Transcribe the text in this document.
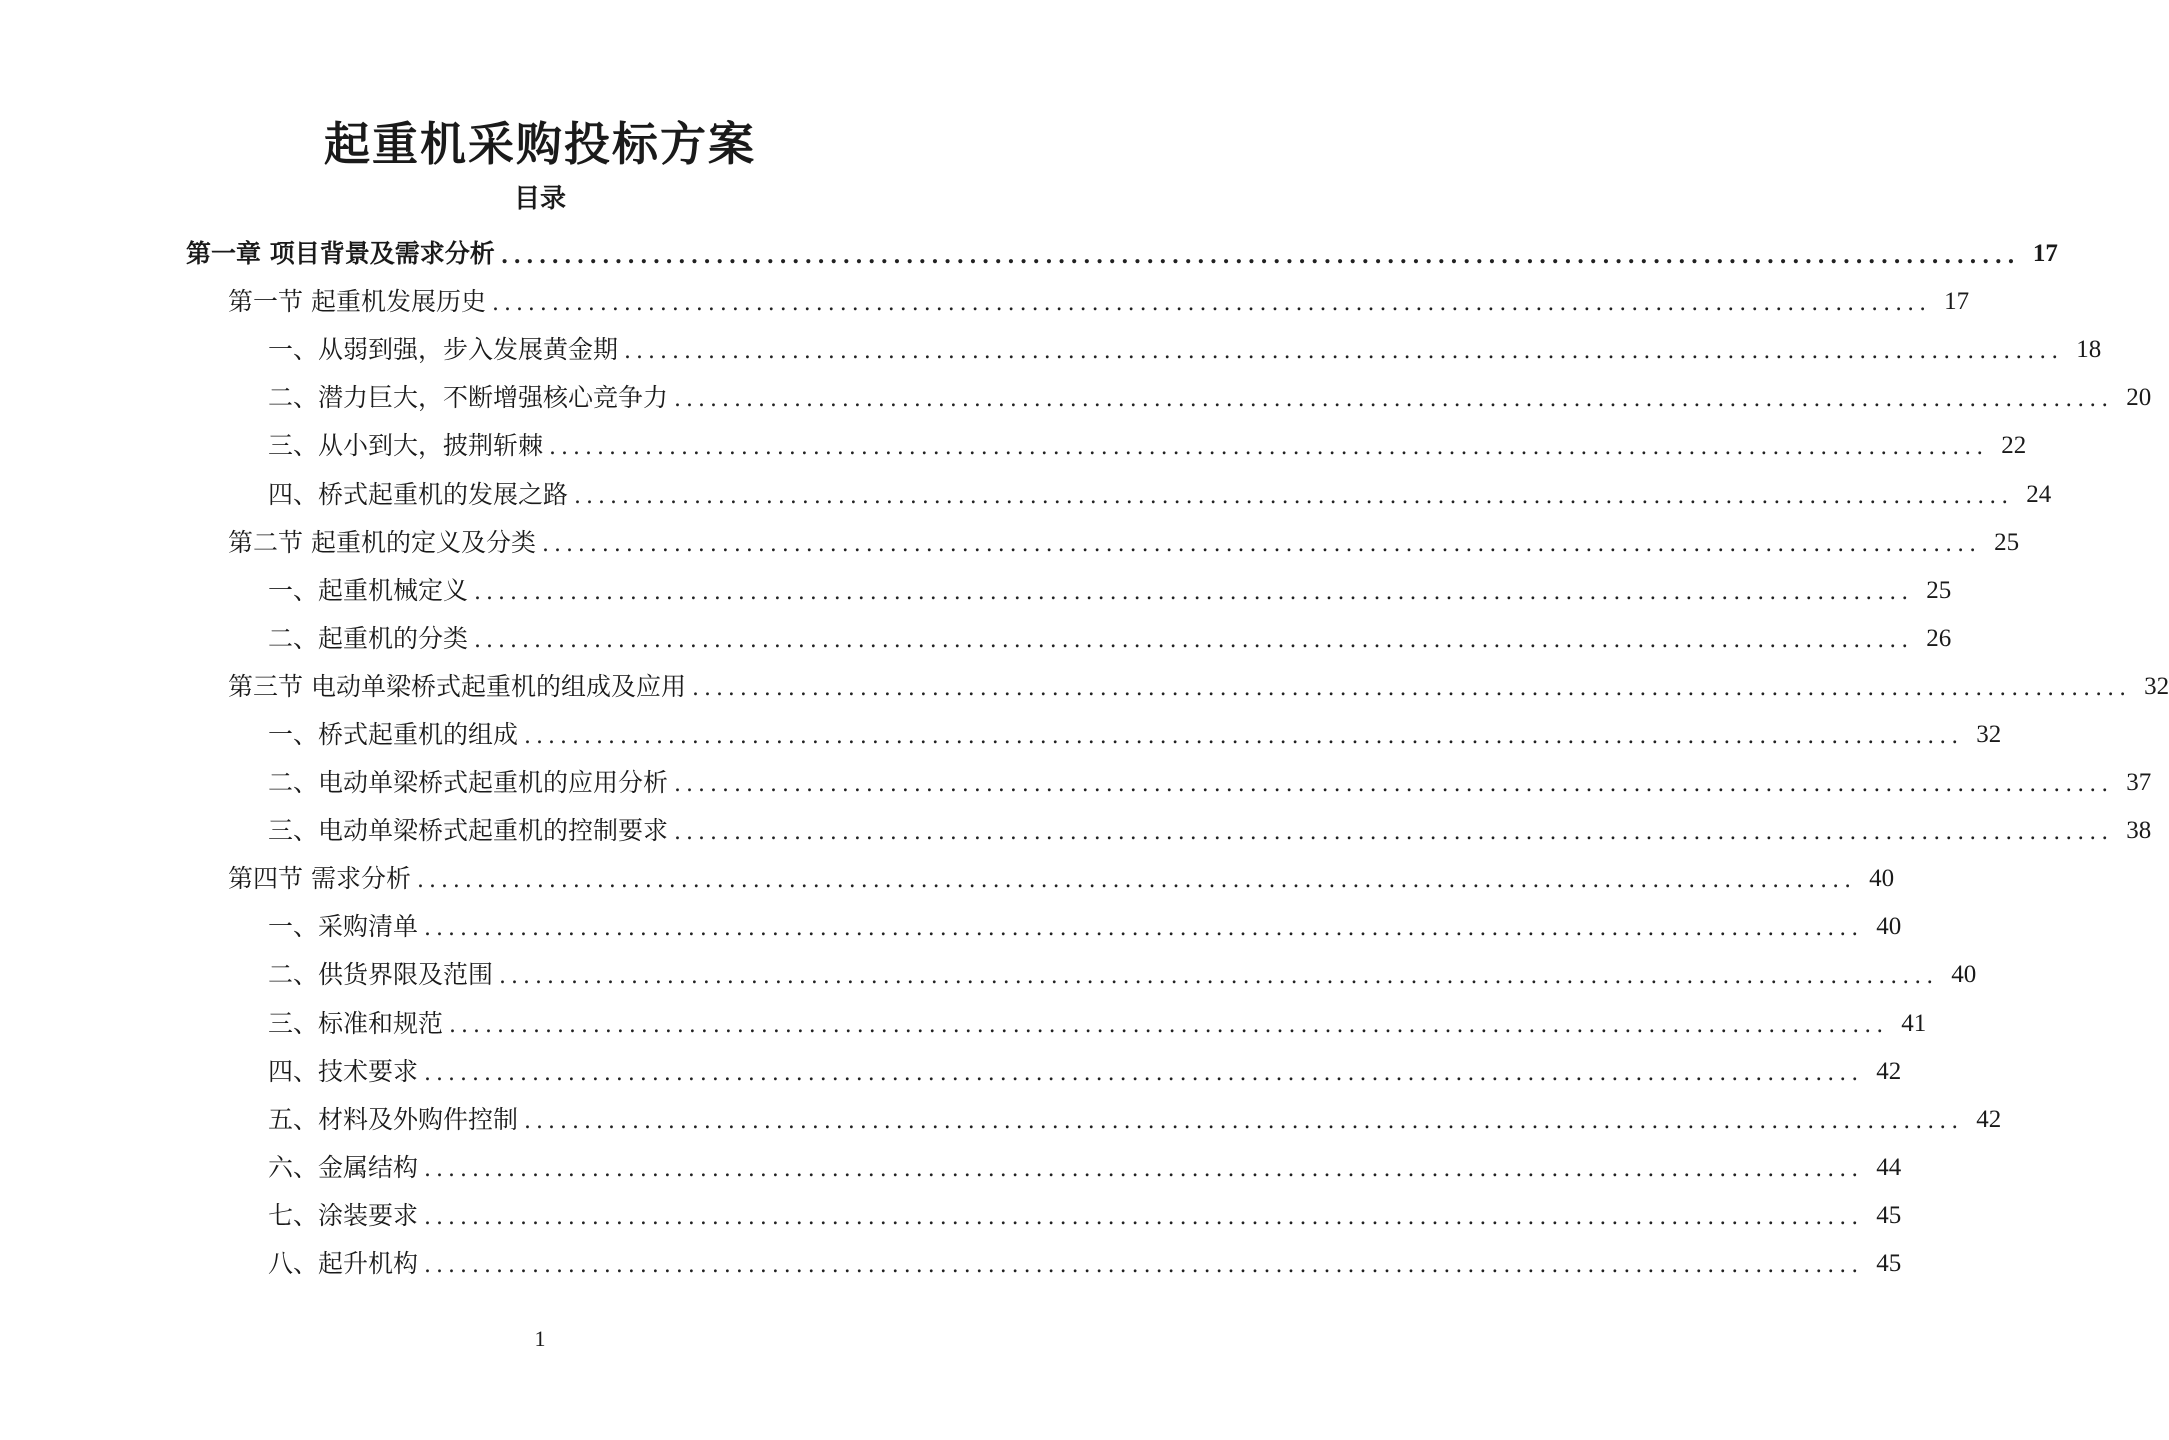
起重机采购投标方案
目录
第一章 项目背景及需求分析 ........................................................................................................................ 17
第一节 起重机发展历史 ........................................................................................................................ 17
一、从弱到强，步入发展黄金期 ........................................................................................................................ 18
二、潜力巨大，不断增强核心竞争力 ........................................................................................................................ 20
三、从小到大，披荆斩棘 ........................................................................................................................ 22
四、桥式起重机的发展之路 ........................................................................................................................ 24
第二节 起重机的定义及分类 ........................................................................................................................ 25
一、起重机械定义 ........................................................................................................................ 25
二、起重机的分类 ........................................................................................................................ 26
第三节 电动单梁桥式起重机的组成及应用 ........................................................................................................................ 32
一、桥式起重机的组成 ........................................................................................................................ 32
二、电动单梁桥式起重机的应用分析 ........................................................................................................................ 37
三、电动单梁桥式起重机的控制要求 ........................................................................................................................ 38
第四节 需求分析 ........................................................................................................................ 40
一、采购清单 ........................................................................................................................ 40
二、供货界限及范围 ........................................................................................................................ 40
三、标准和规范 ........................................................................................................................ 41
四、技术要求 ........................................................................................................................ 42
五、材料及外购件控制 ........................................................................................................................ 42
六、金属结构 ........................................................................................................................ 44
七、涂装要求 ........................................................................................................................ 45
八、起升机构 ........................................................................................................................ 45
1
